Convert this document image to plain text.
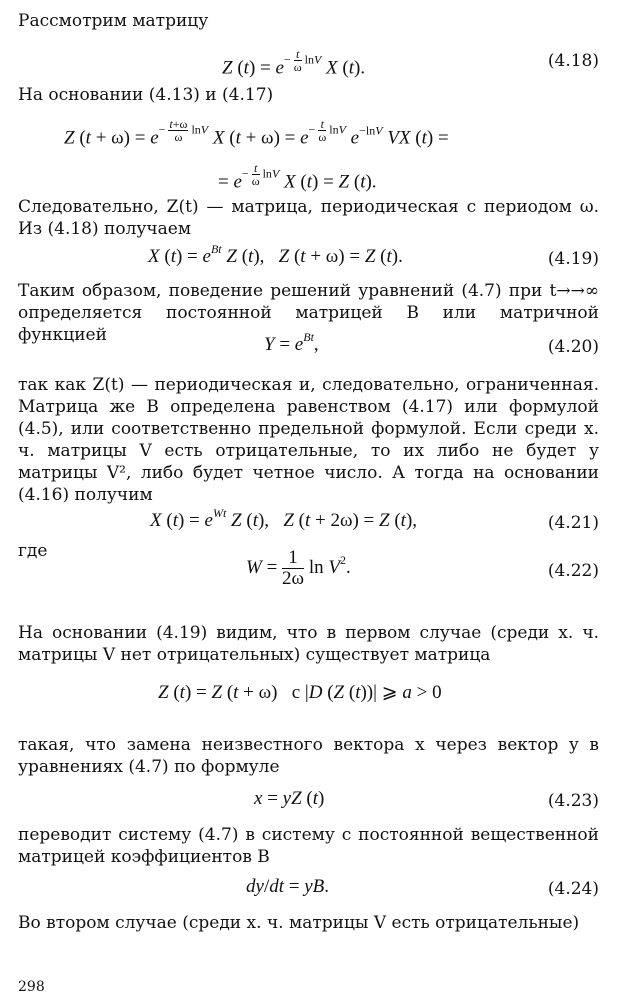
Рассмотрим матрицу

Z $(t) = e- \frac{t}{\omega}$ lnV X (t).	(4.18)

На основании (4.13) и (4.17)

Z $(t + \omega) = e- \frac{t+\omega}{\omega}$ lnV X $(t + \omega) = e- \frac{t}{\omega}$ lnV $e^{-lnV}$ VX (t) =
= $e- \frac{t}{\omega}$ lnV X (t) = Z (t).

Следовательно, Z(t) — матрица, периодическая с периодом ω. Из (4.18) получаем

X $(t) = e^{Bt}$ Z (t),   Z (t + ω) = Z (t).	(4.19)

Таким образом, поведение решений уравнений (4.7) при t→→∞ определяется постоянной матрицей B или матричной функцией	$Y = e^{Bt}$,	(4.20)

так как Z(t) — периодическая и, следовательно, ограниченная. Матрица же B определена равенством (4.17) или формулой (4.5), или соответственно предельной формулой. Если среди х. ч. матрицы V есть отрицательные, то их либо не будет у матрицы V², либо будет четное число. А тогда на основании (4.16) получим

X $(t) = e^{Wt}$ Z (t),   Z (t + 2ω) = Z (t),	(4.21)

где

$W = \frac{1}{2\omega}$ $\ln V^2$.	(4.22)

На основании (4.19) видим, что в первом случае (среди х. ч. матрицы V нет отрицательных) существует матрица

Z (t) = Z (t + ω)   с |D (Z (t))| ⩾ a > 0

такая, что замена неизвестного вектора x через вектор y в уравнениях (4.7) по формуле

x = yZ (t)	(4.23)

переводит систему (4.7) в систему с постоянной вещественной матрицей коэффициентов B

dy/dt = yB.	(4.24)

Во втором случае (среди х. ч. матрицы V есть отрицательные)

298
